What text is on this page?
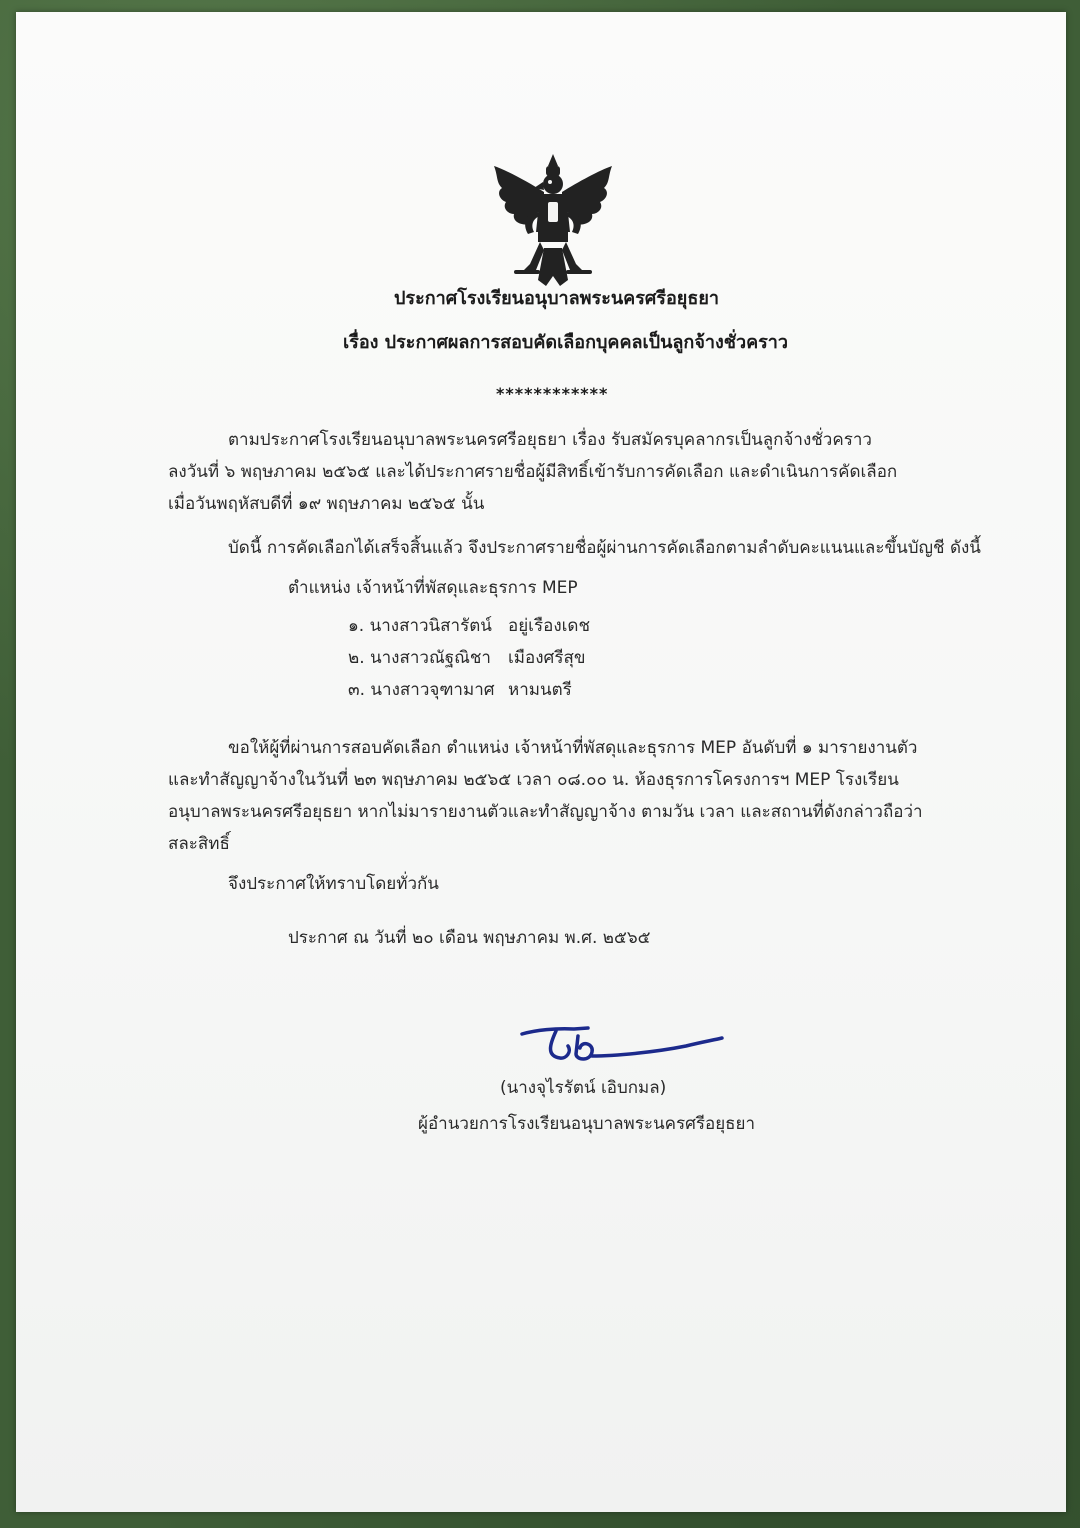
ประกาศโรงเรียนอนุบาลพระนครศรีอยุธยา
เรื่อง ประกาศผลการสอบคัดเลือกบุคคลเป็นลูกจ้างชั่วคราว
************
ตามประกาศโรงเรียนอนุบาลพระนครศรีอยุธยา เรื่อง รับสมัครบุคลากรเป็นลูกจ้างชั่วคราว
ลงวันที่ ๖ พฤษภาคม ๒๕๖๕ และได้ประกาศรายชื่อผู้มีสิทธิ์เข้ารับการคัดเลือก และดำเนินการคัดเลือก
เมื่อวันพฤหัสบดีที่ ๑๙ พฤษภาคม ๒๕๖๕ นั้น
บัดนี้ การคัดเลือกได้เสร็จสิ้นแล้ว จึงประกาศรายชื่อผู้ผ่านการคัดเลือกตามลำดับคะแนนและขึ้นบัญชี ดังนี้
ตำแหน่ง เจ้าหน้าที่พัสดุและธุรการ MEP
๑. นางสาวนิสารัตน์ อยู่เรืองเดช
๒. นางสาวณัฐณิชา เมืองศรีสุข
๓. นางสาวจุฑามาศ หามนตรี
ขอให้ผู้ที่ผ่านการสอบคัดเลือก ตำแหน่ง เจ้าหน้าที่พัสดุและธุรการ MEP อันดับที่ ๑ มารายงานตัว
และทำสัญญาจ้างในวันที่ ๒๓ พฤษภาคม ๒๕๖๕ เวลา ๐๘.๐๐ น. ห้องธุรการโครงการฯ MEP โรงเรียน
อนุบาลพระนครศรีอยุธยา หากไม่มารายงานตัวและทำสัญญาจ้าง ตามวัน เวลา และสถานที่ดังกล่าวถือว่า
สละสิทธิ์
จึงประกาศให้ทราบโดยทั่วกัน
ประกาศ ณ วันที่ ๒๐ เดือน พฤษภาคม พ.ศ. ๒๕๖๕
(นางจุไรรัตน์ เอิบกมล)
ผู้อำนวยการโรงเรียนอนุบาลพระนครศรีอยุธยา
